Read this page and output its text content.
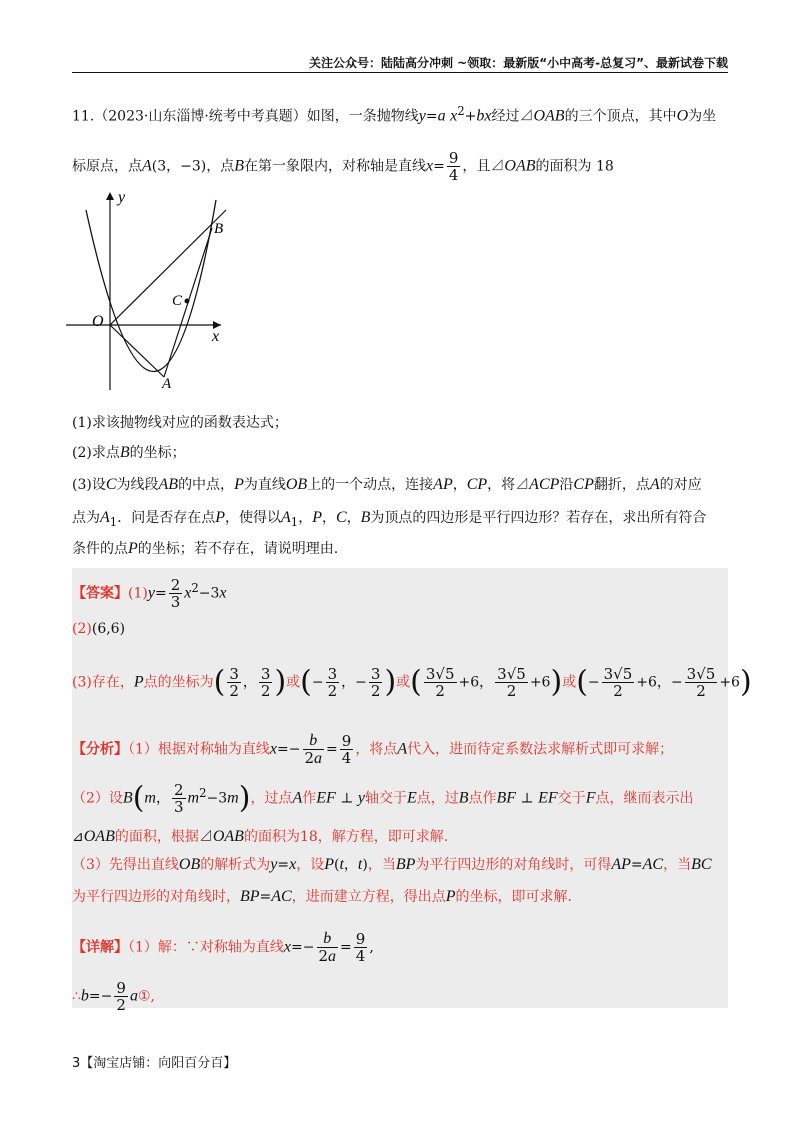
关注公众号：陆陆高分冲刺 ~领取：最新版“小中高考-总复习”、最新试卷下载
11.（2023·山东淄博·统考中考真题）如图，一条抛物线y=a $x^2+bx$经过⊿OAB的三个顶点，其中O为坐
标原点，点A(3，−3)，点B在第一象限内，对称轴是直线$x= \frac{9}{4}$ ，且⊿OAB的面积为 18
O
y
x
A
B
C
(1)求该抛物线对应的函数表达式；
(2)求点B的坐标；
(3)设C为线段AB的中点，P为直线OB上的一个动点，连接AP，CP，将⊿ACP沿CP翻折，点A的对应
点为$A_1$．问是否存在点P，使得以$A_1$，P，C，B为顶点的四边形是平行四边形？若存在，求出所有符合
条件的点P的坐标；若不存在，请说明理由.
【答案】$(1)y= \frac{2}{3} x^2-3x$
(2)(6,6)
(3)存在，P点的坐标为( $\frac{3}{2}$ ， $\frac{3}{2}$ )或(− $\frac{3}{2}$ ，− $\frac{3}{2}$ )或( $\frac{3√5}{2} +6$， $\frac{3√5}{2} +6$)或(− $\frac{3√5}{2} +6$，− $\frac{3√5}{2} +6$)
【分析】（1）根据对称轴为直线$x=- \frac{b}{2a} = \frac{9}{4}$ ，将点A代入，进而待定系数法求解析式即可求解；
（2）设B(m， $\frac{2}{3} m^2-3m$)，过点A作EF ⊥ y轴交于E点，过B点作BF ⊥ EF交于F点，继而表示出
⊿OAB的面积，根据⊿OAB的面积为18，解方程，即可求解.
（3）先得出直线OB的解析式为y=x，设P(t，t)，当BP为平行四边形的对角线时，可得AP=AC，当BC
为平行四边形的对角线时，BP=AC，进而建立方程，得出点P的坐标，即可求解.
【详解】（1）解：∵对称轴为直线$x=- \frac{b}{2a} = \frac{9}{4}$ ,
∴b=− $\frac{9}{2}$ a①,
3【淘宝店铺：向阳百分百】
